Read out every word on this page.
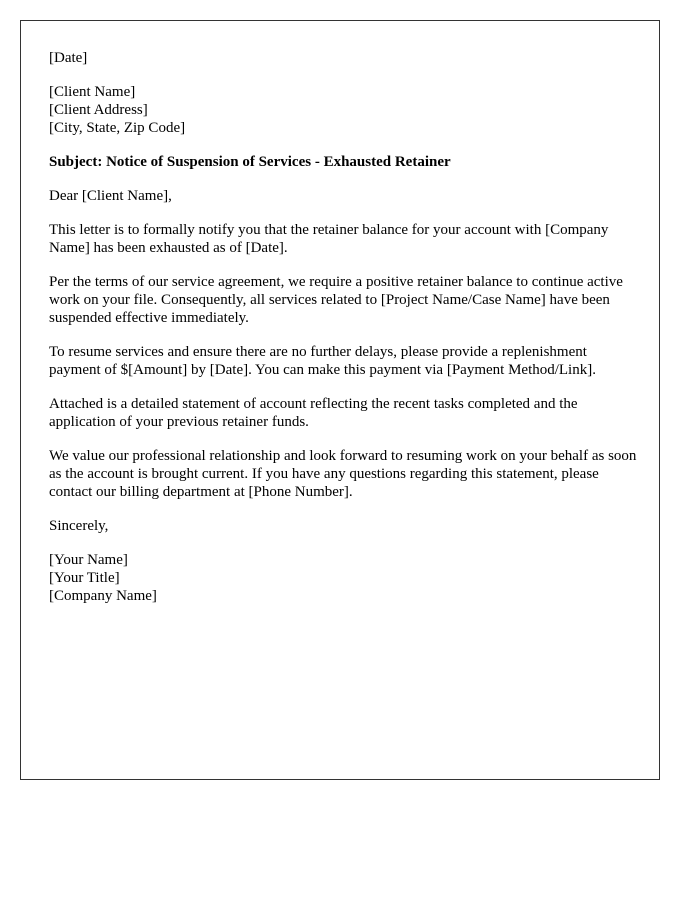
[Date]

[Client Name]
[Client Address]
[City, State, Zip Code]

Subject: Notice of Suspension of Services - Exhausted Retainer

Dear [Client Name],

This letter is to formally notify you that the retainer balance for your account with [Company Name] has been exhausted as of [Date].

Per the terms of our service agreement, we require a positive retainer balance to continue active work on your file. Consequently, all services related to [Project Name/Case Name] have been suspended effective immediately.

To resume services and ensure there are no further delays, please provide a replenishment payment of $[Amount] by [Date]. You can make this payment via [Payment Method/Link].

Attached is a detailed statement of account reflecting the recent tasks completed and the application of your previous retainer funds.

We value our professional relationship and look forward to resuming work on your behalf as soon as the account is brought current. If you have any questions regarding this statement, please contact our billing department at [Phone Number].

Sincerely,

[Your Name]
[Your Title]
[Company Name]
